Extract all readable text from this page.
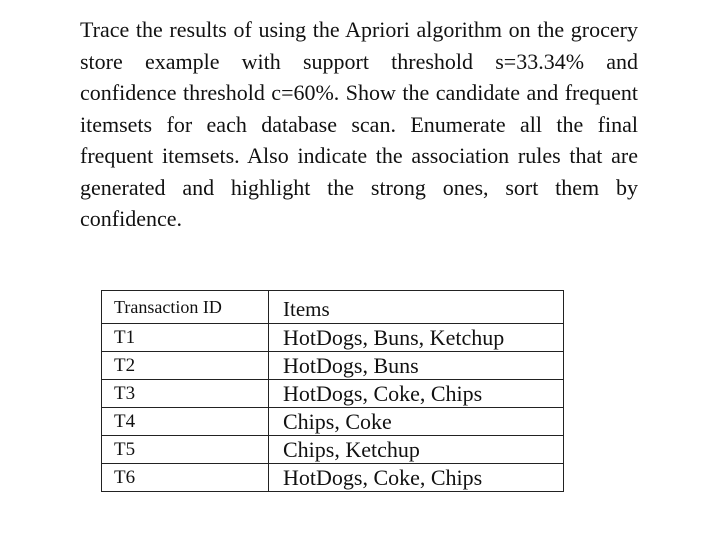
Trace the results of using the Apriori algorithm on the grocery store example with support threshold s=33.34% and confidence threshold c=60%. Show the candidate and frequent itemsets for each database scan. Enumerate all the final frequent itemsets. Also indicate the association rules that are generated and highlight the strong ones, sort them by confidence.

Transaction ID	Items
T1	HotDogs, Buns, Ketchup
T2	HotDogs, Buns
T3	HotDogs, Coke, Chips
T4	Chips, Coke
T5	Chips, Ketchup
T6	HotDogs, Coke, Chips
